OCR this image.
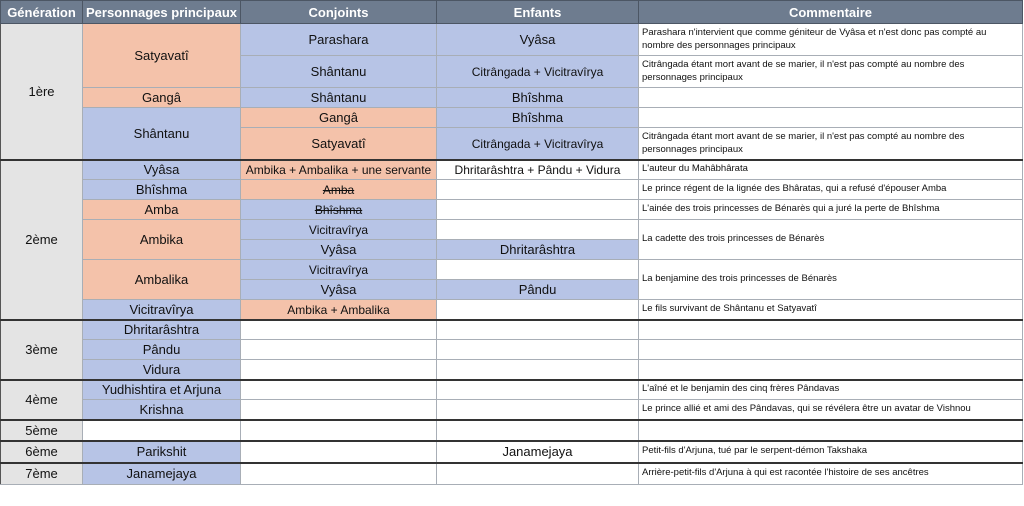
Génération	Personnages principaux	Conjoints	Enfants	Commentaire
1ère	Satyavatî	Parashara	Vyâsa	Parashara n'intervient que comme géniteur de Vyâsa et n'est donc pas compté au nombre des personnages principaux
		Shântanu	Citrângada + Vicitravîrya	Citrângada étant mort avant de se marier, il n'est pas compté au nombre des personnages principaux
	Gangâ	Shântanu	Bhîshma	
	Shântanu	Gangâ	Bhîshma	
		Satyavatî	Citrângada + Vicitravîrya	Citrângada étant mort avant de se marier, il n'est pas compté au nombre des personnages principaux

2ème	Vyâsa	Ambika + Ambalika + une servante	Dhritarâshtra + Pându + Vidura	L'auteur du Mahâbhârata
	Bhîshma	Amba		Le prince régent de la lignée des Bhâratas, qui a refusé d'épouser Amba
	Amba	Bhîshma		L'ainée des trois princesses de Bénarès qui a juré la perte de Bhîshma
	Ambika	Vicitravîrya		La cadette des trois princesses de Bénarès
		Vyâsa	Dhritarâshtra	
	Ambalika	Vicitravîrya		La benjamine des trois princesses de Bénarès
		Vyâsa	Pându	
	Vicitravîrya	Ambika + Ambalika		Le fils survivant de Shântanu et Satyavatî

3ème	Dhritarâshtra			
	Pându			
	Vidura			
4ème	Yudhishtira et Arjuna			L'aîné et le benjamin des cinq frères Pândavas
	Krishna			Le prince allié et ami des Pândavas, qui se révélera être un avatar de Vishnou
5ème				
6ème	Parikshit		Janamejaya	Petit-fils d'Arjuna, tué par le serpent-démon Takshaka
7ème	Janamejaya			Arrière-petit-fils d'Arjuna à qui est racontée l'histoire de ses ancêtres
